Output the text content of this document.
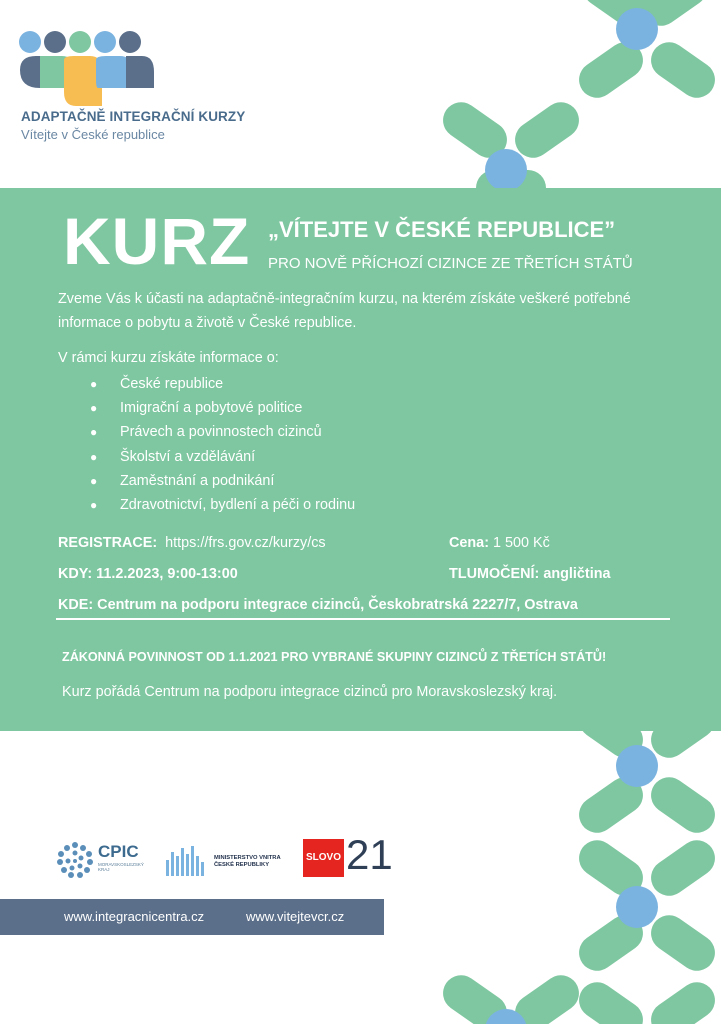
ADAPTAČNĚ INTEGRAČNÍ KURZY
Vítejte v České republice
KURZ „VÍTEJTE V ČESKÉ REPUBLICE”
PRO NOVĚ PŘÍCHOZÍ CIZINCE ZE TŘETÍCH STÁTŮ

Zveme Vás k účasti na adaptačně-integračním kurzu, na kterém získáte veškeré potřebné informace o pobytu a životě v České republice.

V rámci kurzu získáte informace o:
● České republice
● Imigrační a pobytové politice
● Právech a povinnostech cizinců
● Školství a vzdělávání
● Zaměstnání a podnikání
● Zdravotnictví, bydlení a péči o rodinu
REGISTRACE: https://frs.gov.cz/kurzy/cs	Cena: 1 500 Kč
KDY: 11.2.2023, 9:00-13:00	TLUMOČENÍ: angličtina
KDE: Centrum na podporu integrace cizinců, Českobratrská 2227/7, Ostrava
ZÁKONNÁ POVINNOST OD 1.1.2021 PRO VYBRANÉ SKUPINY CIZINCŮ Z TŘETÍCH STÁTŮ!
Kurz pořádá Centrum na podporu integrace cizinců pro Moravskoslezský kraj.
CPIC
MORAVSKOSLEZSKÝ KRAJ
MINISTERSTVO VNITRA ČESKÉ REPUBLIKY
SLOVO 21
www.integracnicentra.cz	www.vitejtevcr.cz
